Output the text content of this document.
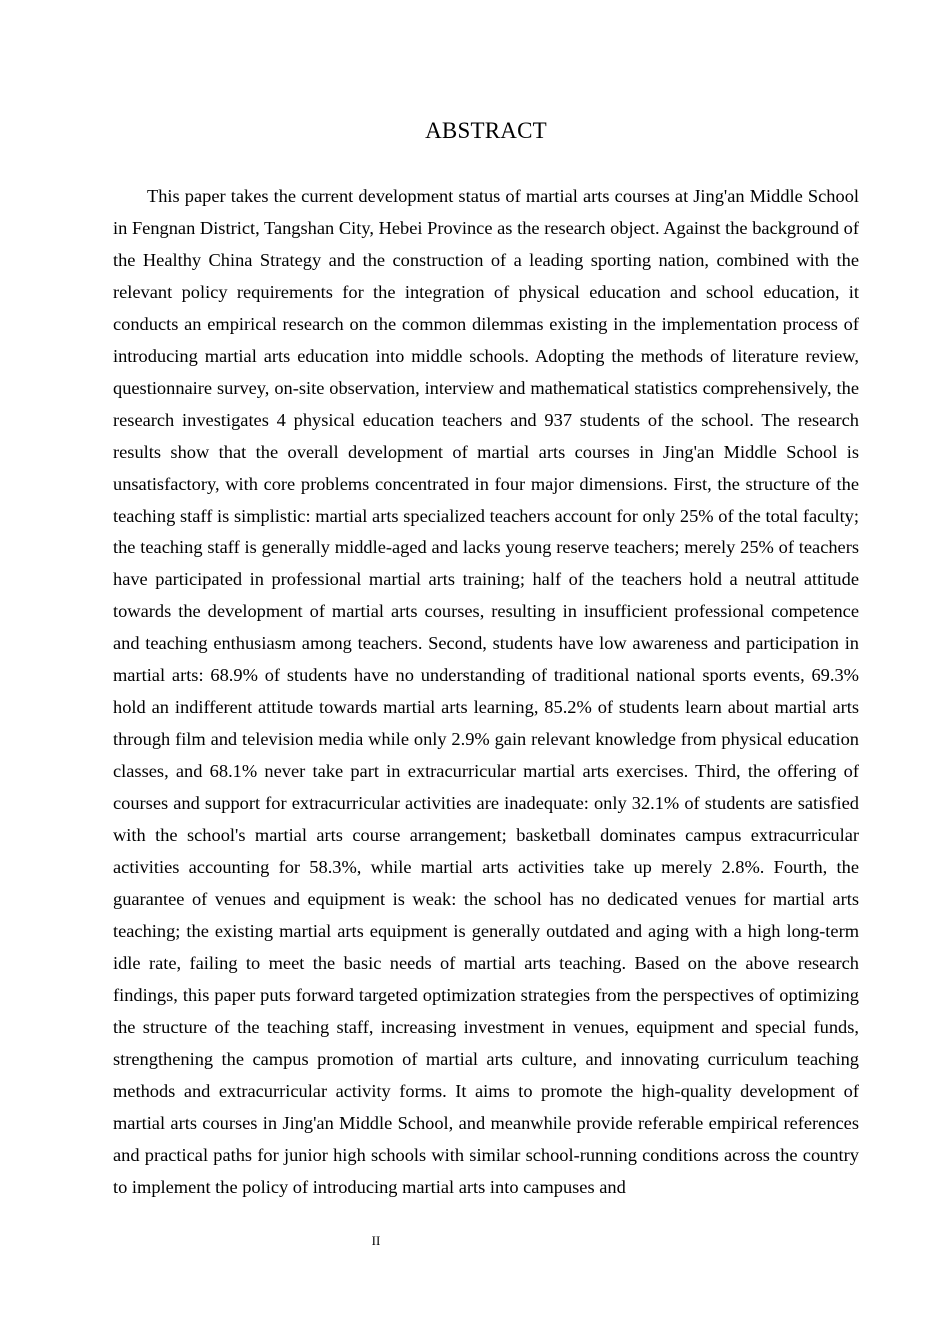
ABSTRACT

This paper takes the current development status of martial arts courses at Jing'an Middle School in Fengnan District, Tangshan City, Hebei Province as the research object. Against the background of the Healthy China Strategy and the construction of a leading sporting nation, combined with the relevant policy requirements for the integration of physical education and school education, it conducts an empirical research on the common dilemmas existing in the implementation process of introducing martial arts education into middle schools. Adopting the methods of literature review, questionnaire survey, on-site observation, interview and mathematical statistics comprehensively, the research investigates 4 physical education teachers and 937 students of the school. The research results show that the overall development of martial arts courses in Jing'an Middle School is unsatisfactory, with core problems concentrated in four major dimensions. First, the structure of the teaching staff is simplistic: martial arts specialized teachers account for only 25% of the total faculty; the teaching staff is generally middle-aged and lacks young reserve teachers; merely 25% of teachers have participated in professional martial arts training; half of the teachers hold a neutral attitude towards the development of martial arts courses, resulting in insufficient professional competence and teaching enthusiasm among teachers. Second, students have low awareness and participation in martial arts: 68.9% of students have no understanding of traditional national sports events, 69.3% hold an indifferent attitude towards martial arts learning, 85.2% of students learn about martial arts through film and television media while only 2.9% gain relevant knowledge from physical education classes, and 68.1% never take part in extracurricular martial arts exercises. Third, the offering of courses and support for extracurricular activities are inadequate: only 32.1% of students are satisfied with the school's martial arts course arrangement; basketball dominates campus extracurricular activities accounting for 58.3%, while martial arts activities take up merely 2.8%. Fourth, the guarantee of venues and equipment is weak: the school has no dedicated venues for martial arts teaching; the existing martial arts equipment is generally outdated and aging with a high long-term idle rate, failing to meet the basic needs of martial arts teaching. Based on the above research findings, this paper puts forward targeted optimization strategies from the perspectives of optimizing the structure of the teaching staff, increasing investment in venues, equipment and special funds, strengthening the campus promotion of martial arts culture, and innovating curriculum teaching methods and extracurricular activity forms. It aims to promote the high-quality development of martial arts courses in Jing'an Middle School, and meanwhile provide referable empirical references and practical paths for junior high schools with similar school-running conditions across the country to implement the policy of introducing martial arts into campuses and

II
